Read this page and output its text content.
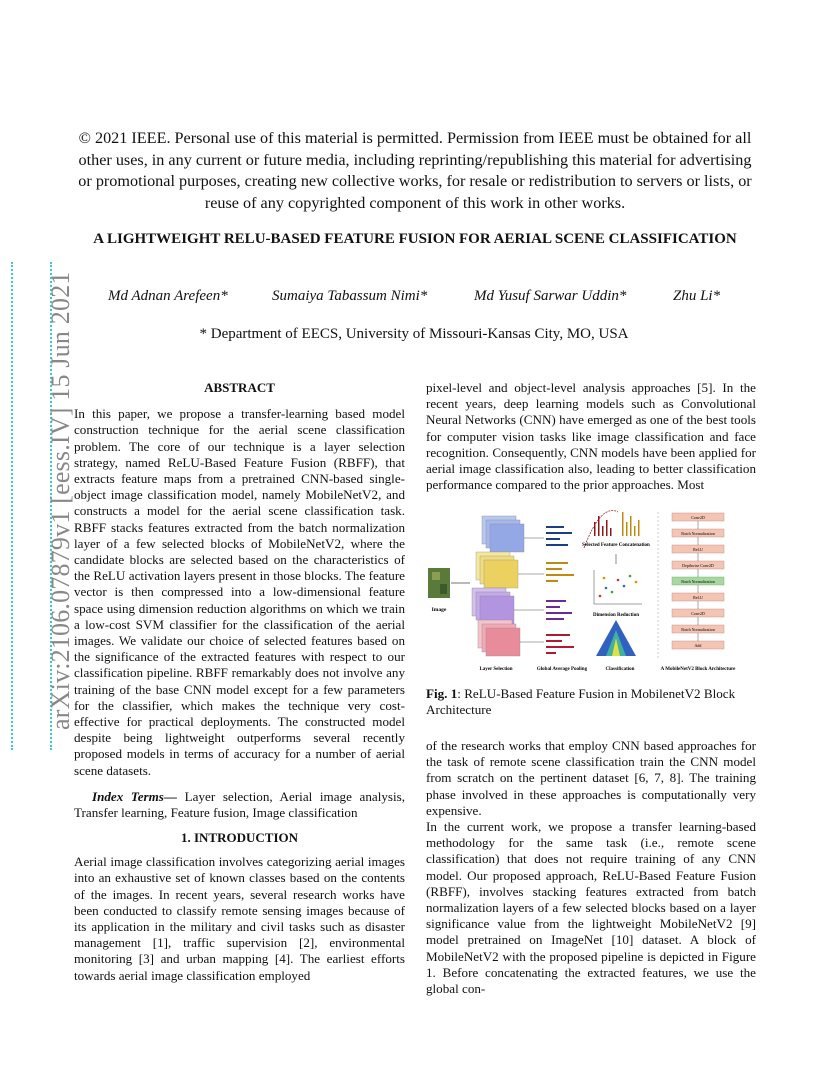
© 2021 IEEE. Personal use of this material is permitted. Permission from IEEE must be obtained for all other uses, in any current or future media, including reprinting/republishing this material for advertising or promotional purposes, creating new collective works, for resale or redistribution to servers or lists, or reuse of any copyrighted component of this work in other works.
A LIGHTWEIGHT RELU-BASED FEATURE FUSION FOR AERIAL SCENE CLASSIFICATION
Md Adnan Arefeen*	Sumaiya Tabassum Nimi*	Md Yusuf Sarwar Uddin*	Zhu Li*
* Department of EECS, University of Missouri-Kansas City, MO, USA
arXiv:2106.07879v1 [eess.IV] 15 Jun 2021	ABSTRACT

In this paper, we propose a transfer-learning based model construction technique for the aerial scene classification problem. The core of our technique is a layer selection strategy, named ReLU-Based Feature Fusion (RBFF), that extracts feature maps from a pretrained CNN-based single-object image classification model, namely MobileNetV2, and constructs a model for the aerial scene classification task. RBFF stacks features extracted from the batch normalization layer of a few selected blocks of MobileNetV2, where the candidate blocks are selected based on the characteristics of the ReLU activation layers present in those blocks. The feature vector is then compressed into a low-dimensional feature space using dimension reduction algorithms on which we train a low-cost SVM classifier for the classification of the aerial images. We validate our choice of selected features based on the significance of the extracted features with respect to our classification pipeline. RBFF remarkably does not involve any training of the base CNN model except for a few parameters for the classifier, which makes the technique very cost-effective for practical deployments. The constructed model despite being lightweight outperforms several recently proposed models in terms of accuracy for a number of aerial scene datasets.

Index Terms— Layer selection, Aerial image analysis, Transfer learning, Feature fusion, Image classification

1. INTRODUCTION

Aerial image classification involves categorizing aerial images into an exhaustive set of known classes based on the contents of the images. In recent years, several research works have been conducted to classify remote sensing images because of its application in the military and civil tasks such as disaster management [1], traffic supervision [2], environmental monitoring [3] and urban mapping [4]. The earliest efforts towards aerial image classification employed

pixel-level and object-level analysis approaches [5]. In the recent years, deep learning models such as Convolutional Neural Networks (CNN) have emerged as one of the best tools for computer vision tasks like image classification and face recognition. Consequently, CNN models have been applied for aerial image classification also, leading to better classification performance compared to the prior approaches. Most

Image
Selected Feature Concatenation
Dimension Reduction
Conv2D
Batch Normalization
ReLU
Depthwise Conv2D
Batch Normalization
ReLU
Conv2D
Batch Normalization
Add
Layer Selection	Global Average Pooling	Classification	A MobileNetV2 Block Architecture
Fig. 1: ReLU-Based Feature Fusion in MobilenetV2 Block Architecture

of the research works that employ CNN based approaches for the task of remote scene classification train the CNN model from scratch on the pertinent dataset [6, 7, 8]. The training phase involved in these approaches is computationally very expensive.

In the current work, we propose a transfer learning-based methodology for the same task (i.e., remote scene classification) that does not require training of any CNN model. Our proposed approach, ReLU-Based Feature Fusion (RBFF), involves stacking features extracted from batch normalization layers of a few selected blocks based on a layer significance value from the lightweight MobileNetV2 [9] model pretrained on ImageNet [10] dataset. A block of MobileNetV2 with the proposed pipeline is depicted in Figure 1. Before concatenating the extracted features, we use the global con-
